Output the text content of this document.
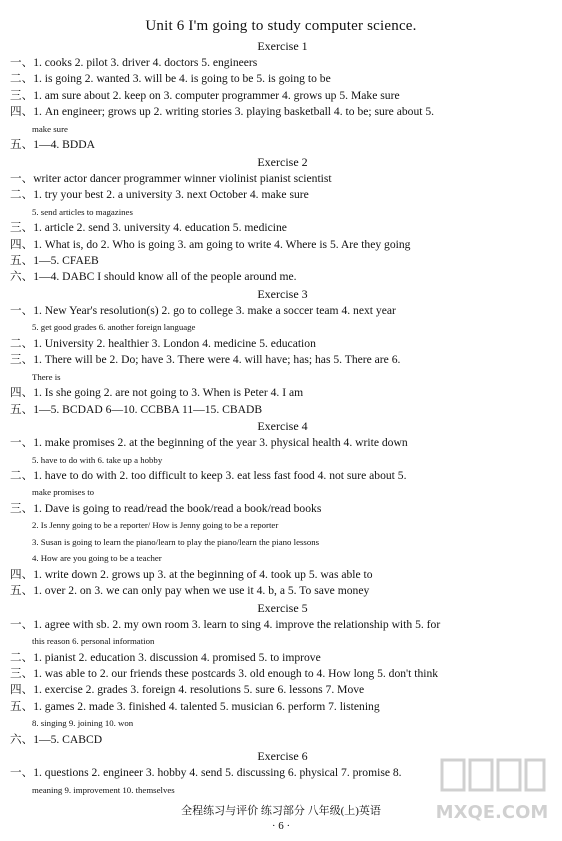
Unit 6 I'm going to study computer science.

Exercise 1

一、1. cooks 2. pilot 3. driver 4. doctors 5. engineers

二、1. is going 2. wanted 3. will be 4. is going to be 5. is going to be

三、1. am sure about 2. keep on 3. computer programmer 4. grows up 5. Make sure

四、1. An engineer; grows up 2. writing stories 3. playing basketball 4. to be; sure about 5.

make sure

五、1—4. BDDA

Exercise 2

一、writer actor dancer programmer winner violinist pianist scientist

二、1. try your best 2. a university 3. next October 4. make sure

5. send articles to magazines

三、1. article 2. send 3. university 4. education 5. medicine

四、1. What is, do 2. Who is going 3. am going to write 4. Where is 5. Are they going

五、1—5. CFAEB

六、1—4. DABC I should know all of the people around me.

Exercise 3

一、1. New Year's resolution(s) 2. go to college 3. make a soccer team 4. next year

5. get good grades 6. another foreign language

二、1. University 2. healthier 3. London 4. medicine 5. education

三、1. There will be 2. Do; have 3. There were 4. will have; has; has 5. There are 6.

There is

四、1. Is she going 2. are not going to 3. When is Peter 4. I am

五、1—5. BCDAD 6—10. CCBBA 11—15. CBADB

Exercise 4

一、1. make promises 2. at the beginning of the year 3. physical health 4. write down

5. have to do with 6. take up a hobby

二、1. have to do with 2. too difficult to keep 3. eat less fast food 4. not sure about 5.

make promises to

三、1. Dave is going to read/read the book/read a book/read books

2. Is Jenny going to be a reporter/ How is Jenny going to be a reporter

3. Susan is going to learn the piano/learn to play the piano/learn the piano lessons

4. How are you going to be a teacher

四、1. write down 2. grows up 3. at the beginning of 4. took up 5. was able to

五、1. over 2. on 3. we can only pay when we use it 4. b, a 5. To save money

Exercise 5

一、1. agree with sb. 2. my own room 3. learn to sing 4. improve the relationship with 5. for

this reason 6. personal information

二、1. pianist 2. education 3. discussion 4. promised 5. to improve

三、1. was able to 2. our friends these postcards 3. old enough to 4. How long 5. don't think

四、1. exercise 2. grades 3. foreign 4. resolutions 5. sure 6. lessons 7. Move

五、1. games 2. made 3. finished 4. talented 5. musician 6. perform 7. listening

8. singing 9. joining 10. won

六、1—5. CABCD

Exercise 6

一、1. questions 2. engineer 3. hobby 4. send 5. discussing 6. physical 7. promise 8.

meaning 9. improvement 10. themselves

全程练习与评价 练习部分 八年级(上)英语
· 6 ·
MXQE.COM
